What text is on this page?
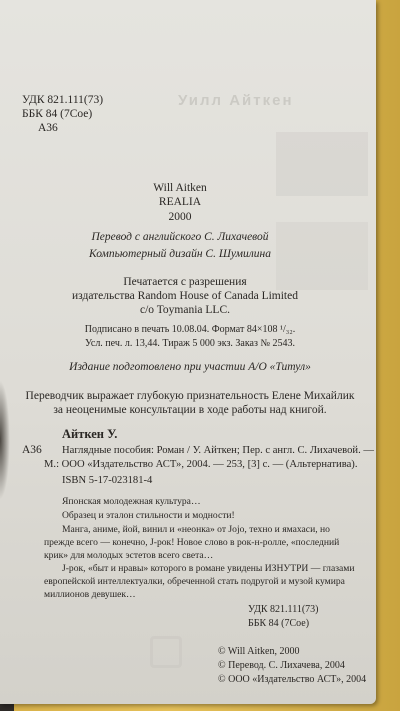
Уилл Айткен
УДК 821.111(73)
ББК 84 (7Сое)
А36
Will Aitken
REALIA
2000
Перевод с английского С. Лихачевой
Компьютерный дизайн С. Шумилина
Печатается с разрешения
издательства Random House of Canada Limited
c/o Toymania LLC.
Подписано в печать 10.08.04. Формат 84×108 ¹/₃₂.
Усл. печ. л. 13,44. Тираж 5 000 экз. Заказ № 2543.
Издание подготовлено при участии А/О «Титул»
Переводчик выражает глубокую признательность Елене Михайлик
за неоценимые консультации в ходе работы над книгой.
Айткен У.
А36 Наглядные пособия: Роман / У. Айткен; Пер. с англ. С. Лихачевой. —
М.: ООО «Издательство АСТ», 2004. — 253, [3] с. — (Альтернатива).
ISBN 5-17-023181-4
Японская молодежная культура…
Образец и эталон стильности и модности!
Манга, аниме, йой, винил и «неонка» от Jojo, техно и ямахаси, но
прежде всего — конечно, J-рок! Новое слово в рок-н-ролле, «последний
крик» для молодых эстетов всего света…
J-рок, «быт и нравы» которого в романе увидены ИЗНУТРИ — глазами
европейской интеллектуалки, обреченной стать подругой и музой кумира
миллионов девушек…
УДК 821.111(73)
ББК 84 (7Сое)
© Will Aitken, 2000
© Перевод. С. Лихачева, 2004
© ООО «Издательство АСТ», 2004
